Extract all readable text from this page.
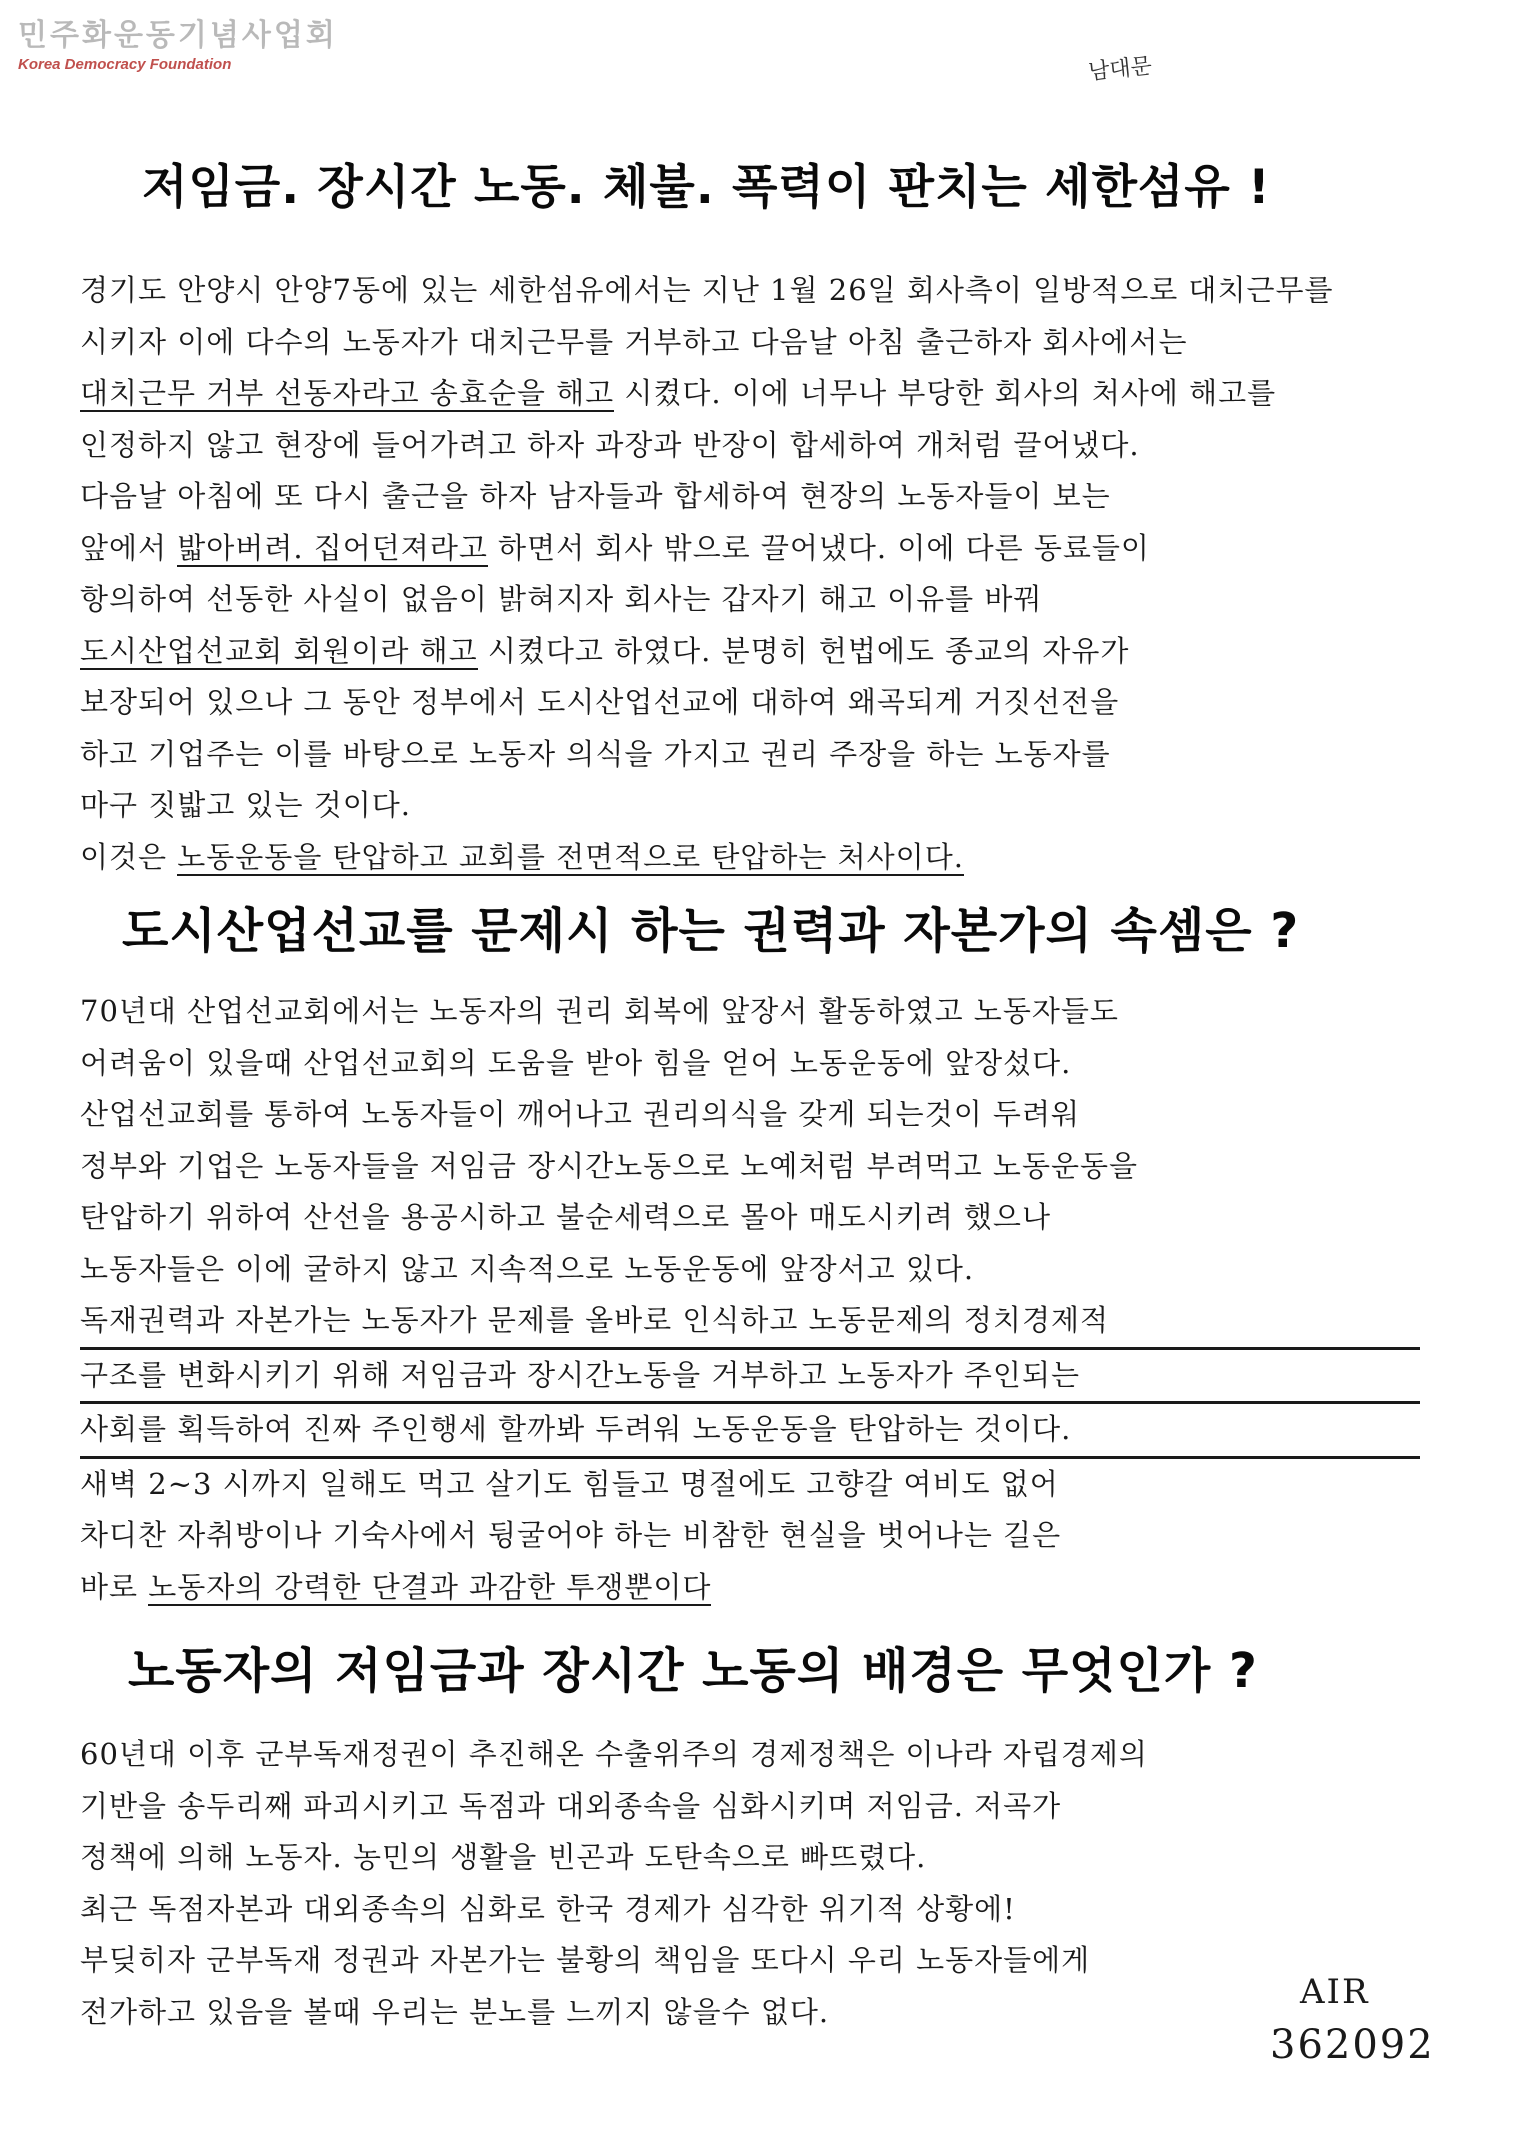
민주화운동기념사업회
Korea Democracy Foundation	남대문
저임금. 장시간 노동. 체불. 폭력이 판치는 세한섬유 !
경기도 안양시 안양7동에 있는 세한섬유에서는 지난 1월 26일 회사측이 일방적으로 대치근무를
시키자 이에 다수의 노동자가 대치근무를 거부하고 다음날 아침 출근하자 회사에서는
대치근무 거부 선동자라고 송효순을 해고 시켰다. 이에 너무나 부당한 회사의 처사에 해고를
인정하지 않고 현장에 들어가려고 하자 과장과 반장이 합세하여 개처럼 끌어냈다.
다음날 아침에 또 다시 출근을 하자 남자들과 합세하여 현장의 노동자들이 보는
앞에서 밟아버려. 집어던져라고 하면서 회사 밖으로 끌어냈다. 이에 다른 동료들이
항의하여 선동한 사실이 없음이 밝혀지자 회사는 갑자기 해고 이유를 바꿔
도시산업선교회 회원이라 해고 시켰다고 하였다. 분명히 헌법에도 종교의 자유가
보장되어 있으나 그 동안 정부에서 도시산업선교에 대하여 왜곡되게 거짓선전을
하고 기업주는 이를 바탕으로 노동자 의식을 가지고 권리 주장을 하는 노동자를
마구 짓밟고 있는 것이다.
이것은 노동운동을 탄압하고 교회를 전면적으로 탄압하는 처사이다.
도시산업선교를 문제시 하는 권력과 자본가의 속셈은 ?
70년대 산업선교회에서는 노동자의 권리 회복에 앞장서 활동하였고 노동자들도
어려움이 있을때 산업선교회의 도움을 받아 힘을 얻어 노동운동에 앞장섰다.
산업선교회를 통하여 노동자들이 깨어나고 권리의식을 갖게 되는것이 두려워
정부와 기업은 노동자들을 저임금 장시간노동으로 노예처럼 부려먹고 노동운동을
탄압하기 위하여 산선을 용공시하고 불순세력으로 몰아 매도시키려 했으나
노동자들은 이에 굴하지 않고 지속적으로 노동운동에 앞장서고 있다.
독재권력과 자본가는 노동자가 문제를 올바로 인식하고 노동문제의 정치경제적
구조를 변화시키기 위해 저임금과 장시간노동을 거부하고 노동자가 주인되는
사회를 획득하여 진짜 주인행세 할까봐 두려워 노동운동을 탄압하는 것이다.
새벽 2~3 시까지 일해도 먹고 살기도 힘들고 명절에도 고향갈 여비도 없어
차디찬 자취방이나 기숙사에서 뒹굴어야 하는 비참한 현실을 벗어나는 길은
바로 노동자의 강력한 단결과 과감한 투쟁뿐이다
노동자의 저임금과 장시간 노동의 배경은 무엇인가 ?
60년대 이후 군부독재정권이 추진해온 수출위주의 경제정책은 이나라 자립경제의
기반을 송두리째 파괴시키고 독점과 대외종속을 심화시키며 저임금. 저곡가
정책에 의해 노동자. 농민의 생활을 빈곤과 도탄속으로 빠뜨렸다.
최근 독점자본과 대외종속의 심화로 한국 경제가 심각한 위기적 상황에!
부딪히자 군부독재 정권과 자본가는 불황의 책임을 또다시 우리 노동자들에게
전가하고 있음을 볼때 우리는 분노를 느끼지 않을수 없다.	AIR
362092
